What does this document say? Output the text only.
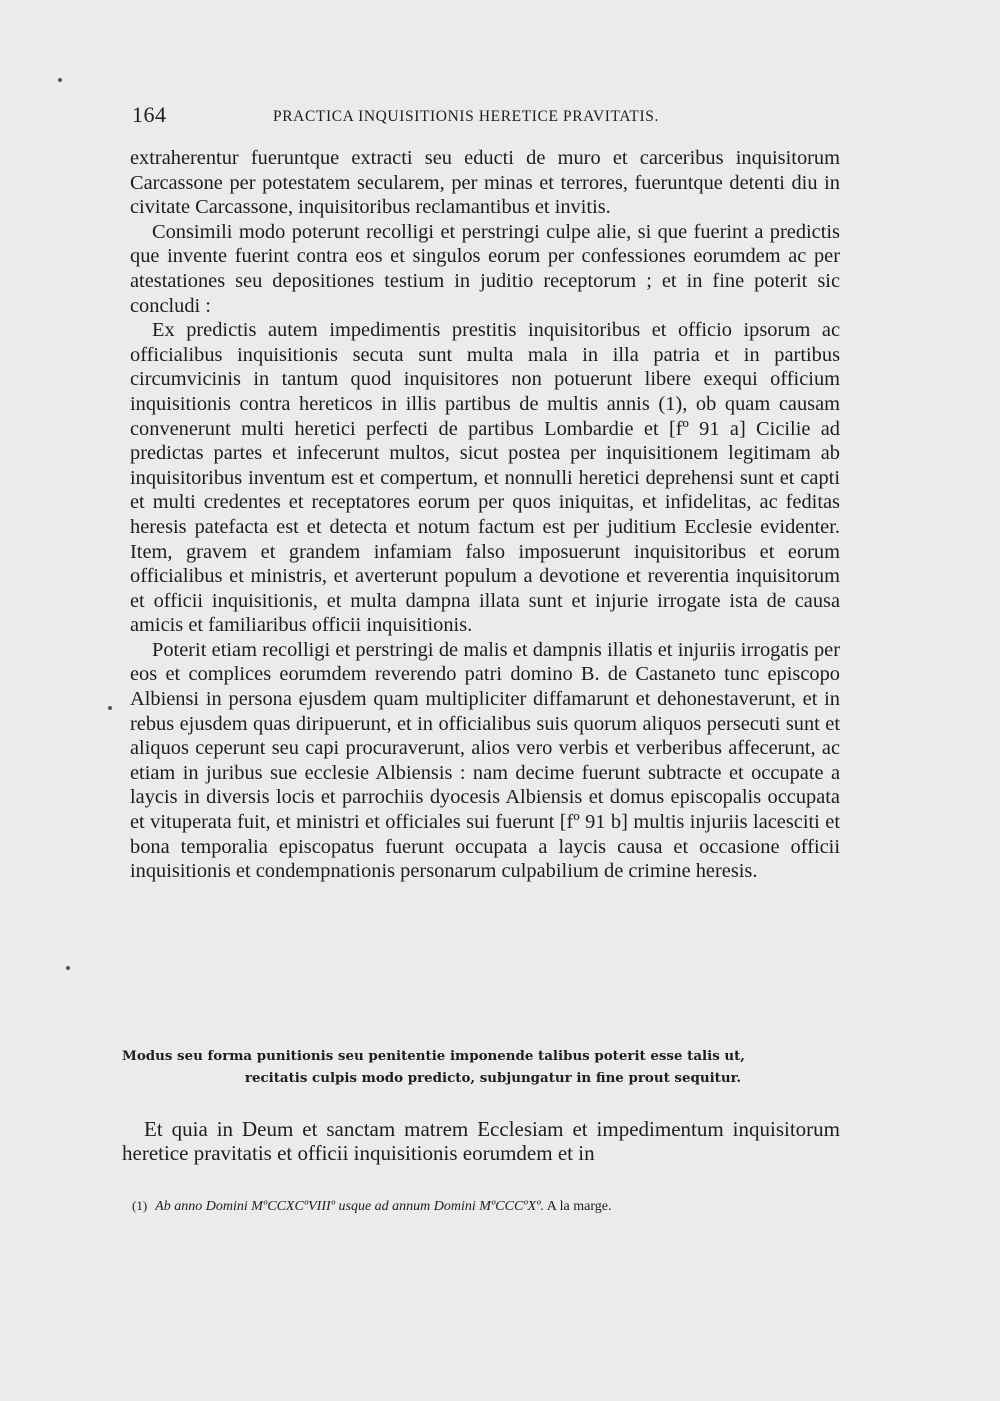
164	PRACTICA INQUISITIONIS HERETICE PRAVITATIS.

extraherentur fueruntque extracti seu educti de muro et carceribus inquisitorum Carcassone per potestatem secularem, per minas et terrores, fueruntque detenti diu in civitate Carcassone, inquisitoribus reclamantibus et invitis.

Consimili modo poterunt recolligi et perstringi culpe alie, si que fuerint a predictis que invente fuerint contra eos et singulos eorum per confessiones eorumdem ac per atestationes seu depositiones testium in juditio receptorum ; et in fine poterit sic concludi :

Ex predictis autem impedimentis prestitis inquisitoribus et officio ipsorum ac officialibus inquisitionis secuta sunt multa mala in illa patria et in partibus circumvicinis in tantum quod inquisitores non potuerunt libere exequi officium inquisitionis contra hereticos in illis partibus de multis annis (1), ob quam causam convenerunt multi heretici perfecti de partibus Lombardie et [fº 91 a] Cicilie ad predictas partes et infecerunt multos, sicut postea per inquisitionem legitimam ab inquisitoribus inventum est et compertum, et nonnulli heretici deprehensi sunt et capti et multi credentes et receptatores eorum per quos iniquitas, et infidelitas, ac feditas heresis patefacta est et detecta et notum factum est per juditium Ecclesie evidenter. Item, gravem et grandem infamiam falso imposuerunt inquisitoribus et eorum officialibus et ministris, et averterunt populum a devotione et reverentia inquisitorum et officii inquisitionis, et multa dampna illata sunt et injurie irrogate ista de causa amicis et familiaribus officii inquisitionis.

Poterit etiam recolligi et perstringi de malis et dampnis illatis et injuriis irrogatis per eos et complices eorumdem reverendo patri domino B. de Castaneto tunc episcopo Albiensi in persona ejusdem quam multipliciter diffamarunt et dehonestaverunt, et in rebus ejusdem quas diripuerunt, et in officialibus suis quorum aliquos persecuti sunt et aliquos ceperunt seu capi procuraverunt, alios vero verbis et verberibus affecerunt, ac etiam in juribus sue ecclesie Albiensis : nam decime fuerunt subtracte et occupate a laycis in diversis locis et parrochiis dyocesis Albiensis et domus episcopalis occupata et vituperata fuit, et ministri et officiales sui fuerunt [fº 91 b] multis injuriis lacesciti et bona temporalia episcopatus fuerunt occupata a laycis causa et occasione officii inquisitionis et condempnationis personarum culpabilium de crimine heresis.

Modus seu forma punitionis seu penitentie imponende talibus poterit esse talis ut,
recitatis culpis modo predicto, subjungatur in fine prout sequitur.

Et quia in Deum et sanctam matrem Ecclesiam et impedimentum inquisitorum heretice pravitatis et officii inquisitionis eorumdem et in

(1) Ab anno Domini MºCCXCºVIIIº usque ad annum Domini MºCCCºXº. A la marge.
